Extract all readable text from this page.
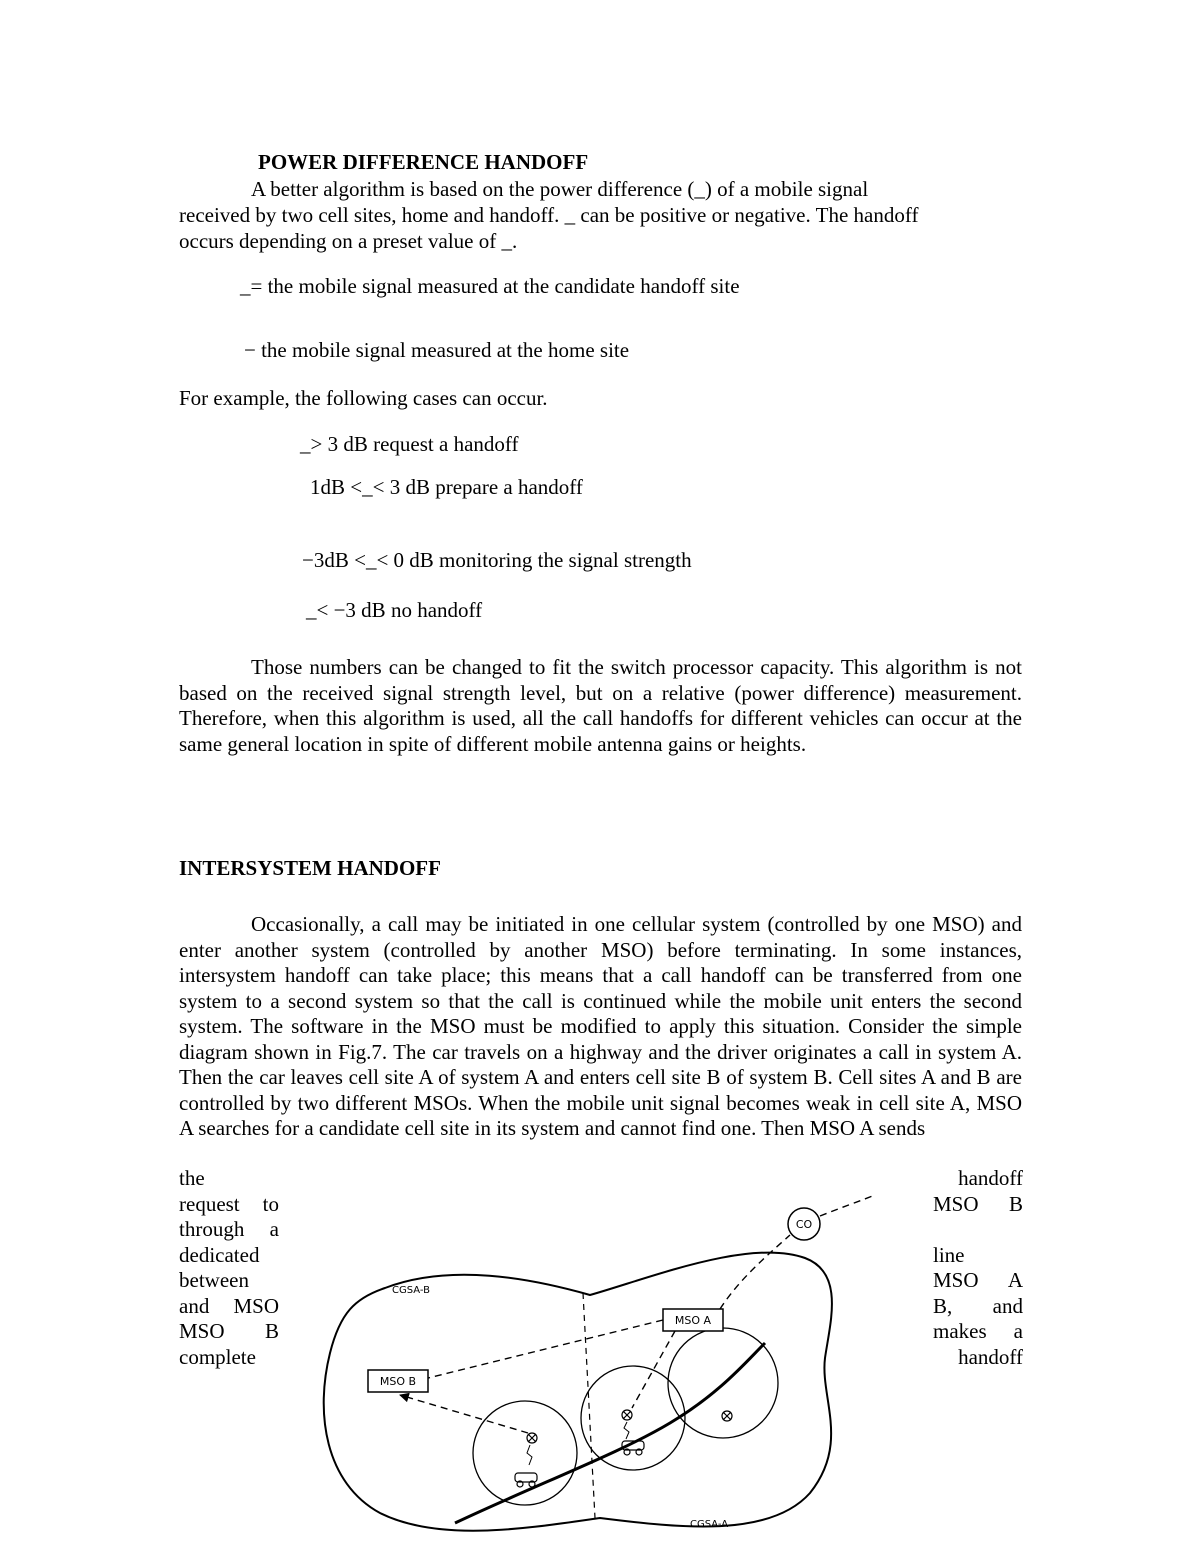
POWER DIFFERENCE HANDOFF
A better algorithm is based on the power difference (_) of a mobile signal
received by two cell sites, home and handoff. _ can be positive or negative. The handoff
occurs depending on a preset value of _.
_= the mobile signal measured at the candidate handoff site
− the mobile signal measured at the home site
For example, the following cases can occur.
_> 3 dB request a handoff
1dB <_< 3 dB prepare a handoff
−3dB <_< 0 dB monitoring the signal strength
_< −3 dB no handoff

Those numbers can be changed to fit the switch processor capacity. This algorithm is not based on the received signal strength level, but on a relative (power difference) measurement. Therefore, when this algorithm is used, all the call handoffs for different vehicles can occur at the same general location in spite of different mobile antenna gains or heights.

INTERSYSTEM HANDOFF

Occasionally, a call may be initiated in one cellular system (controlled by one MSO) and enter another system (controlled by another MSO) before terminating. In some instances, intersystem handoff can take place; this means that a call handoff can be transferred from one system to a second system so that the call is continued while the mobile unit enters the second system. The software in the MSO must be modified to apply this situation. Consider the simple diagram shown in Fig.7. The car travels on a highway and the driver originates a call in system A. Then the car leaves cell site A of system A and enters cell site B of system B. Cell sites A and B are controlled by two different MSOs. When the mobile unit signal becomes weak in cell site A, MSO A searches for a candidate cell site in its system and cannot find one. Then MSO A sends

the
request to
through a
dedicated
between
and MSO
MSO B
complete
handoff
MSO B

line
MSO A
B, and
makes a
handoff
MSO B
MSO A
CO
CGSA-B
CGSA-A
